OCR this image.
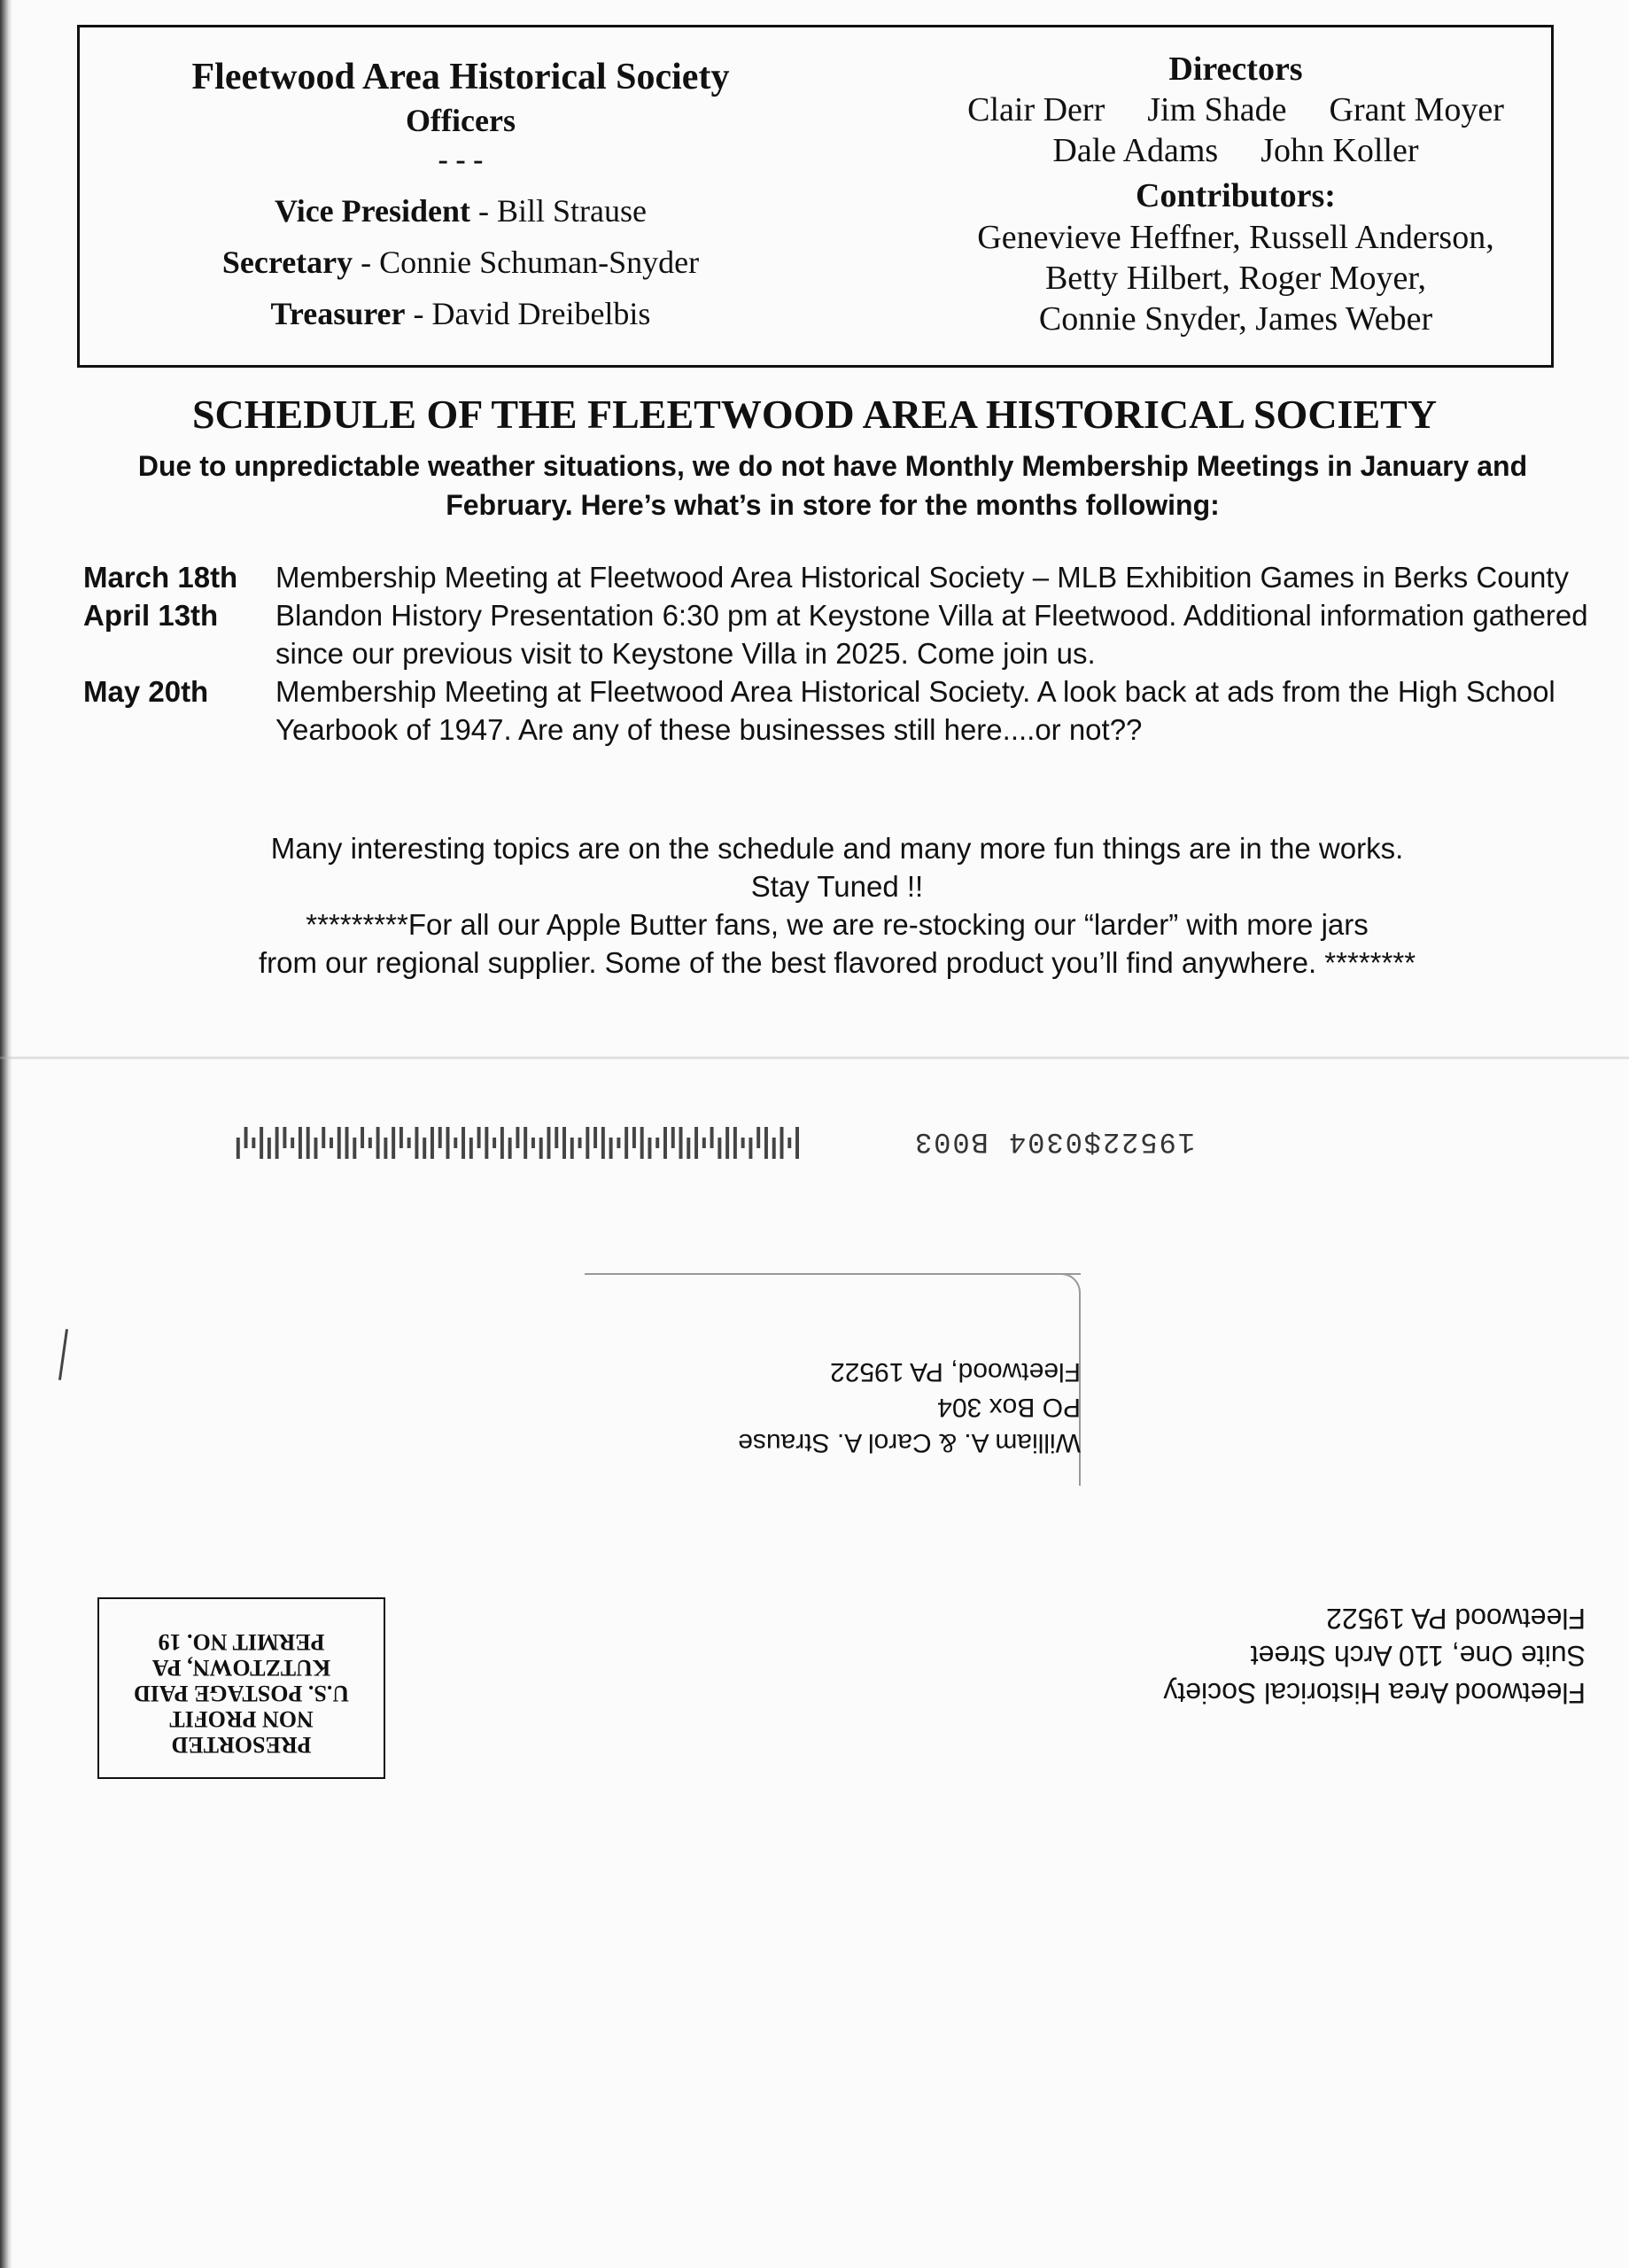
Fleetwood Area Historical Society
Officers
- - -
Vice President - Bill Strause
Secretary - Connie Schuman-Snyder
Treasurer - David Dreibelbis
Directors
Clair Derr Jim Shade Grant Moyer
Dale Adams John Koller
Contributors:
Genevieve Heffner, Russell Anderson,
Betty Hilbert, Roger Moyer,
Connie Snyder, James Weber
SCHEDULE OF THE FLEETWOOD AREA HISTORICAL SOCIETY
Due to unpredictable weather situations, we do not have Monthly Membership Meetings in January and February. Here’s what’s in store for the months following:
March 18th	Membership Meeting at Fleetwood Area Historical Society – MLB Exhibition Games in Berks County
April 13th	Blandon History Presentation 6:30 pm at Keystone Villa at Fleetwood. Additional information gathered since our previous visit to Keystone Villa in 2025. Come join us.
May 20th	Membership Meeting at Fleetwood Area Historical Society. A look back at ads from the High School Yearbook of 1947. Are any of these businesses still here....or not??
Many interesting topics are on the schedule and many more fun things are in the works.
Stay Tuned !!
*********For all our Apple Butter fans, we are re-stocking our “larder” with more jars
from our regional supplier. Some of the best flavored product you’ll find anywhere. ********
19522$0304 B003
William A. & Carol A. Strause
PO Box 304
Fleetwood, PA 19522
Fleetwood Area Historical Society
Suite One, 110 Arch Street
Fleetwood PA 19522
PRESORTED
NON PROFIT
U.S. POSTAGE PAID
KUTZTOWN, PA
PERMIT NO. 19
